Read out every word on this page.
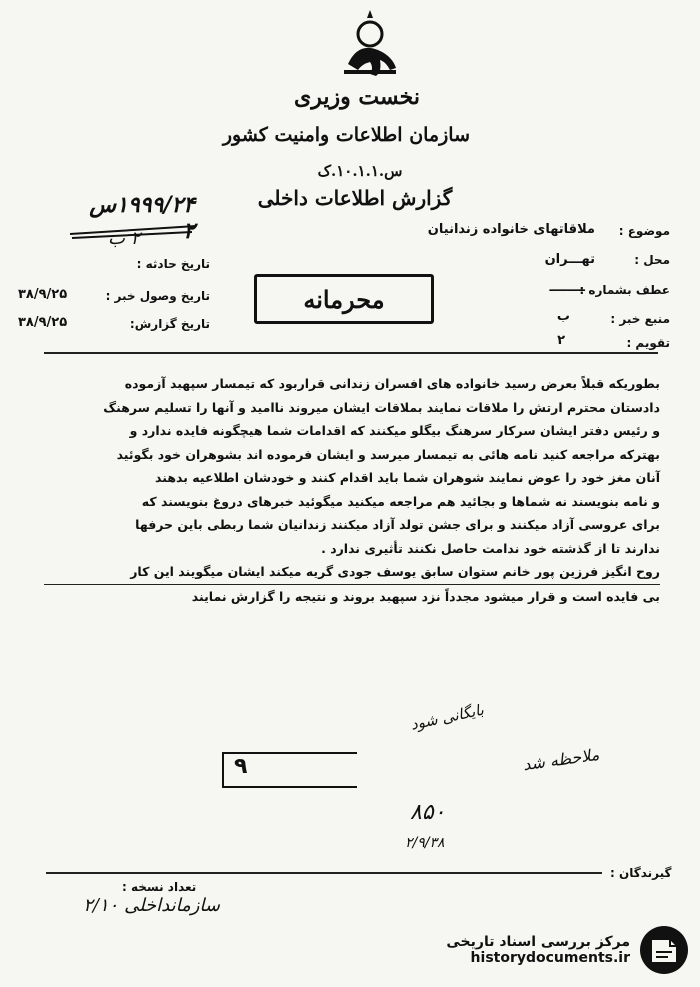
نخست وزیری
سازمان اطلاعات وامنیت کشور
س.۱۰.۱.۱.ک
گزارش اطلاعات داخلی
۱۹۹۹/۲۴س ۲
۲ ب	موضوع :
ملاقاتهای خانواده زندانیان
محل :
تهـــران
عطف بشماره :
ــــــــ
منبع خبر :
ب
تقویم :
۲
تاریخ حادثه :
تاریخ وصول خبر :
۳۸/۹/۲۵
تاریخ گزارش:
۳۸/۹/۲۵
محرمانه

بطوریکه قبلاً بعرض رسید خانواده های افسران زندانی قراربود که تیمسار سپهبد آزموده

دادستان محترم ارتش را ملاقات نمایند بملاقات ایشان میروند ناامید و آنها را تسلیم سرهنگ

و رئیس دفتر ایشان سرکار سرهنگ بیگلو میکنند که اقدامات شما هیچگونه فایده ندارد و

بهترکه مراجعه کنید نامه هائی به تیمسار میرسد و ایشان فرموده اند بشوهران خود بگوئید

آنان مغز خود را عوض نمایند شوهران شما باید اقدام کنند و خودشان اطلاعیه بدهند

و نامه بنویسند نه شماها و بجائید هم مراجعه میکنید میگوئید خبرهای دروغ بنویسند که

برای عروسی آزاد میکنند و برای جشن تولد آزاد میکنند زندانیان شما ربطی باین حرفها

ندارند تا از گذشته خود ندامت حاصل نکنند تأثیری ندارد .

روح انگیز فرزین پور خانم ستوان سابق یوسف جودی گریه میکند ایشان میگویند این کار

بی فایده است و قرار میشود مجدداً نزد سپهبد بروند و نتیجه را گزارش نمایند

۹
بایگانی شود
ملاحظه شد
۸۵۰
۲/۹/۳۸
گیرندگان :
تعداد نسخه :
سازمانداخلی ۲/۱۰
مرکز بررسی اسناد تاریخی
historydocuments.ir
